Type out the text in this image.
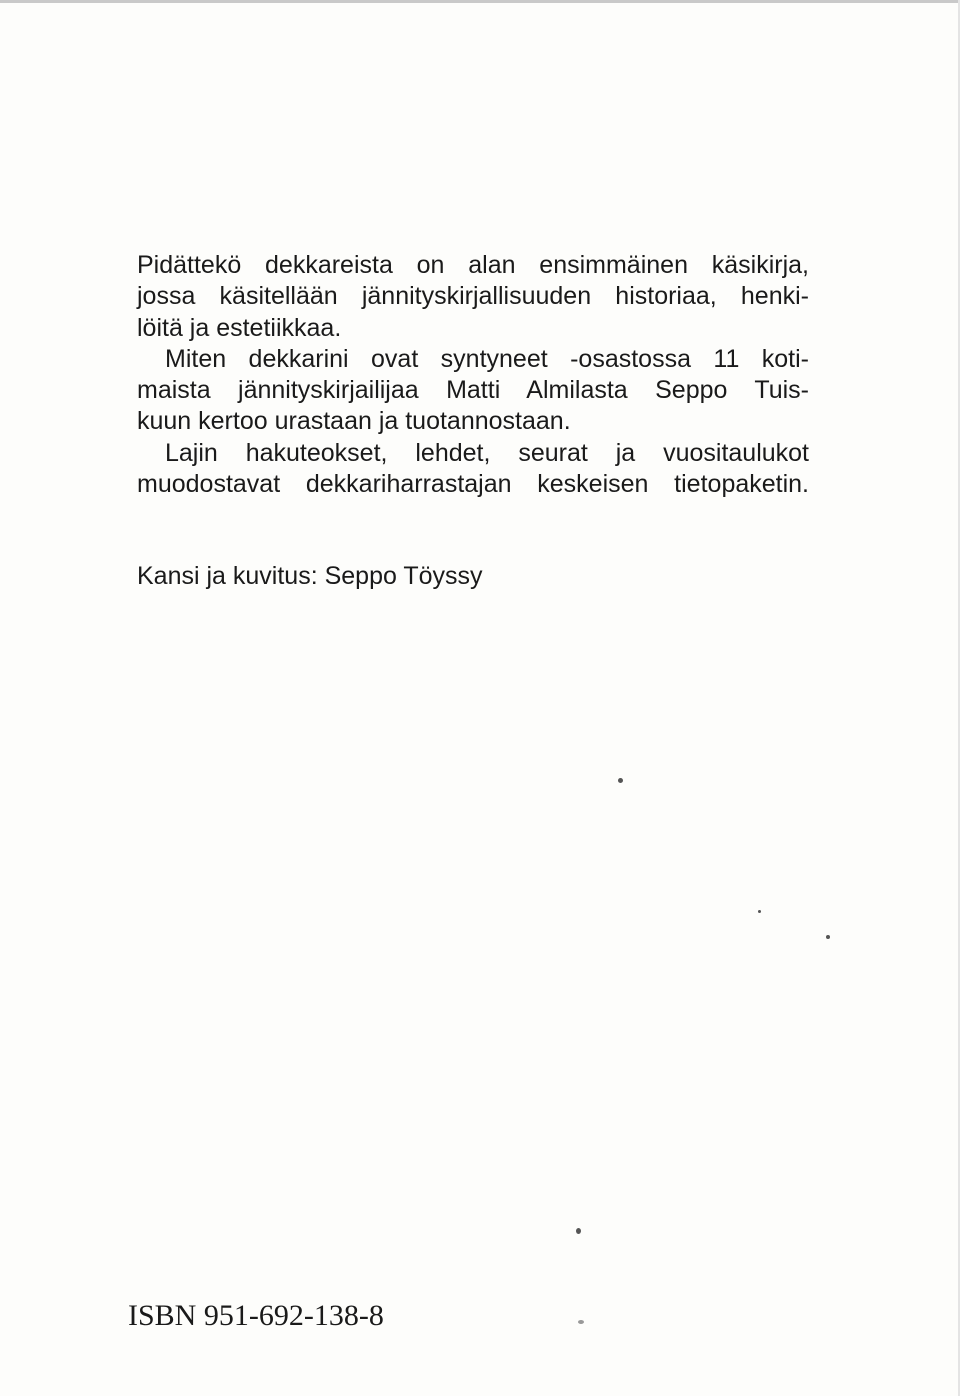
Pidättekö dekkareista on alan ensimmäinen käsikirja,
jossa käsitellään jännityskirjallisuuden historiaa, henki-
löitä ja estetiikkaa.
Miten dekkarini ovat syntyneet -osastossa 11 koti-
maista jännityskirjailijaa Matti Almilasta Seppo Tuis-
kuun kertoo urastaan ja tuotannostaan.
Lajin hakuteokset, lehdet, seurat ja vuositaulukot
muodostavat dekkariharrastajan keskeisen tietopaketin.
Kansi ja kuvitus: Seppo Töyssy
ISBN 951-692-138-8
